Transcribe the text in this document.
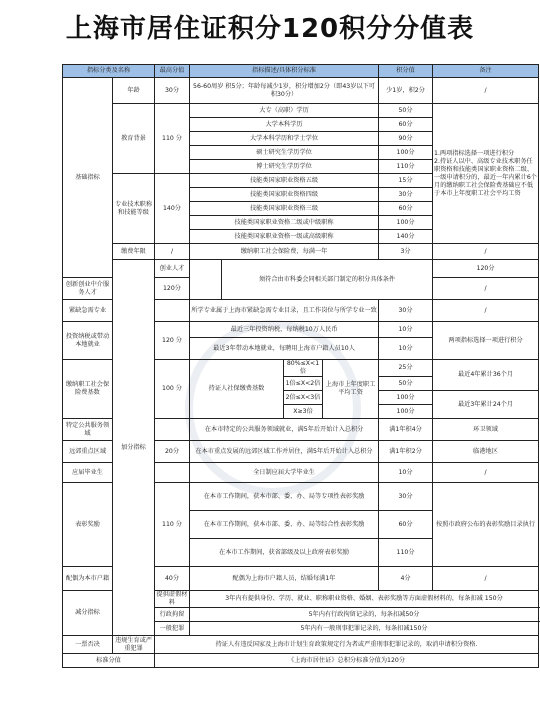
上海市居住证积分120积分分值表
指标分类及名称		最高分值	指标描述/具体积分标准				积分值	备注	
基础指标	年龄	30分	56-60周岁 积5分；年龄每减少1岁，积分增加2分（即43岁以下可积30分）				少1岁，积2分	/	
	教育背景	110 分	大专（高职）学历				50分	1.两项指标选择一项进行积分
2.持证人以中、高级专业技术职务任职资格和技能类国家职业资格二级、一级申请积分的，最近一年内累计6个月的缴纳职工社会保险费基础应不低于本市上年度职工社会平均工资	
			大学本科学历				60分		
			大学本科学历和学士学位				90分		
			硕士研究生学历学位				100分		
			博士研究生学历学位				110分		
	专业技术职称和技能等级	140分	技能类国家职业资格五级				15分		
			技能类国家职业资格四级				30分		
			技能类国家职业资格三级				60分		
			技能类国家职业资格二级或中级职称				100分		
			技能类国家职业资格一级或高级职称				140分		
	缴费年限	/	缴纳职工社会保险费，每满一年				3分	/	
	加分指标	创业人才		须符合由市科委会同相关部门制定的积分具体条件				120分	
创新创业中介服务人才		120分						/	
紧缺急需专业			所学专业属于上海市紧缺急需专业目录，且工作岗位与所学专业一致				30分	/	
投资纳税或带动本地就业		120 分	最近三年投资纳税，每纳税10万人民币				10分	两项指标选择一项进行积分	
			最近3年带动本地就业，每聘用上海市户籍人员10人				10分		
缴纳职工社会保险费基数		100 分	持证人社保缴费基数		80%≤X<1倍	上海市上年度职工平均工资	25分	最近4年累计36个月	
					1倍≤X<2倍		50分		
					2倍≤X<3倍		100分	最近3年累计24个月	
					X≥3倍		100分		
特定公共服务领域			在本市特定的公共服务领域就业，满5年后开始计入总积分				满1年积4分	环卫领域	
远郊重点区域		20分	在本市重点发展的远郊区域工作并居住，满5年后开始计入总积分				满1年积2分	临港地区	
应届毕业生			全日制应届大学毕业生				10分	/	
表彰奖励		110 分	在本市工作期间，获本市部、委、办、局等专项性表彰奖励				30分	按照市政府公布的表彰奖励目录执行	
			在本市工作期间，获本市部、委、办、局等综合性表彰奖励				60分		
			在本市工作期间，获省部级及以上政府表彰奖励				110分		
配偶为本市户籍		40分	配偶为上海市户籍人员，结婚每满1年				4分	/	
减分指标		提供虚假材料	3年内有提供身份、学历、就业、职称职业资格、婚姻、表彰奖励等方面虚假材料的，每条扣减 150分						
		行政拘留	5年内有行政拘留记录的，每条扣减50分						
		一般犯罪	5年内有一般刑事犯罪记录的，每条扣减150分						
一票否决	违规生育或严重犯罪	持证人有违反国家及上海市计划生育政策规定行为者或严重刑事犯罪记录的，取消申请积分资格.							
标准分值		《上海市居住证》总积分标准分值为120分							
